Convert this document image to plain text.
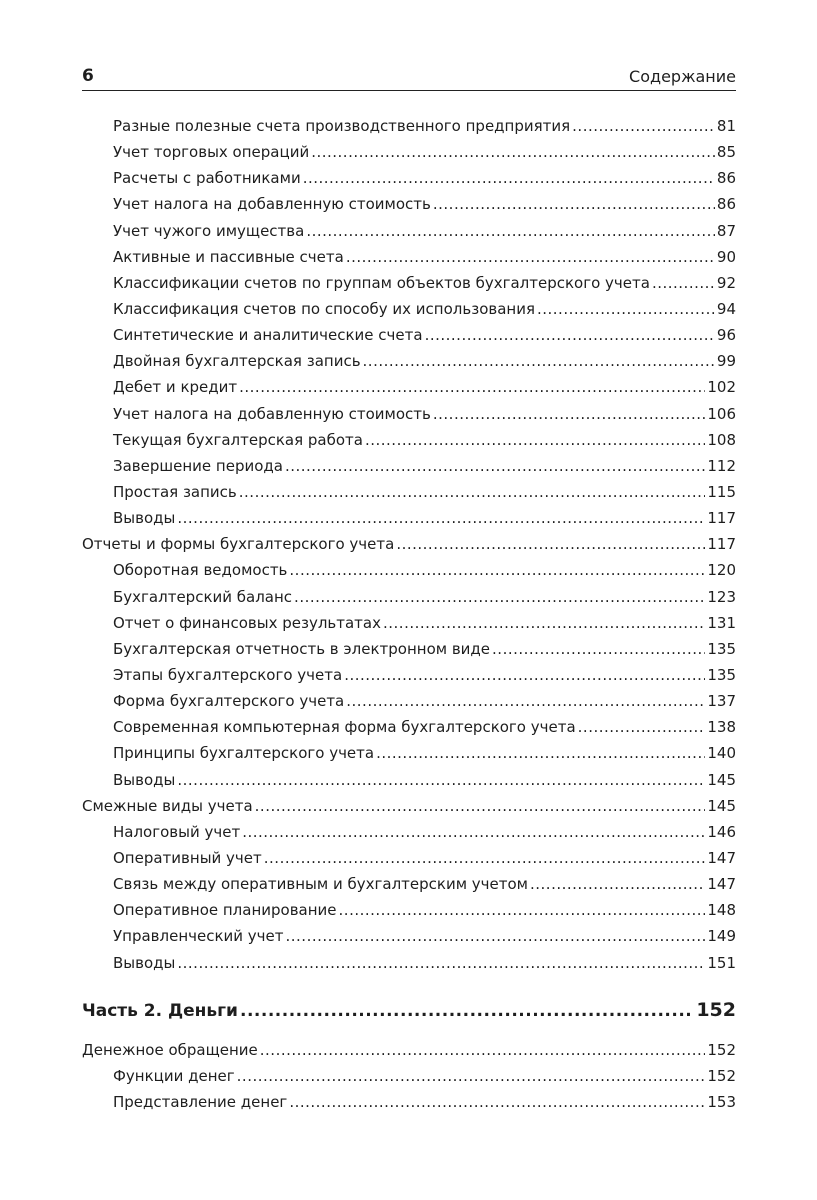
6	Содержание
Разные полезные счета производственного предприятия .....	81
Учет торговых операций .....	85
Расчеты с работниками .....	86
Учет налога на добавленную стоимость .....	86
Учет чужого имущества .....	87
Активные и пассивные счета .....	90
Классификации счетов по группам объектов бухгалтерского учета .....	92
Классификация счетов по способу их использования .....	94
Синтетические и аналитические счета .....	96
Двойная бухгалтерская запись .....	99
Дебет и кредит .....	102
Учет налога на добавленную стоимость .....	106
Текущая бухгалтерская работа .....	108
Завершение периода .....	112
Простая запись .....	115
Выводы .....	117
Отчеты и формы бухгалтерского учета .....	117
Оборотная ведомость .....	120
Бухгалтерский баланс .....	123
Отчет о финансовых результатах .....	131
Бухгалтерская отчетность в электронном виде .....	135
Этапы бухгалтерского учета .....	135
Форма бухгалтерского учета .....	137
Современная компьютерная форма бухгалтерского учета .....	138
Принципы бухгалтерского учета .....	140
Выводы .....	145
Смежные виды учета .....	145
Налоговый учет .....	146
Оперативный учет .....	147
Связь между оперативным и бухгалтерским учетом .....	147
Оперативное планирование .....	148
Управленческий учет .....	149
Выводы .....	151
Часть 2. Деньги .....	152
Денежное обращение .....	152
Функции денег .....	152
Представление денег .....	153
